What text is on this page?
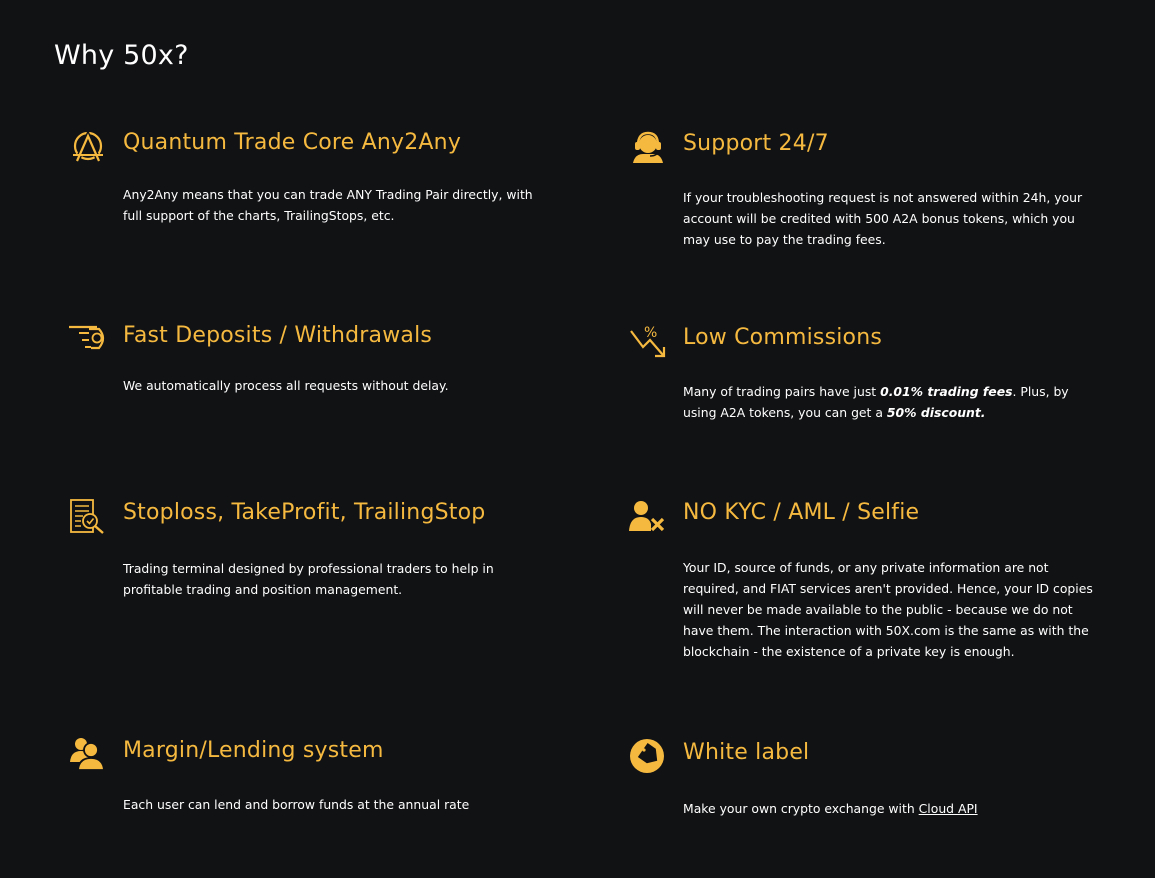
Why 50x?
Quantum Trade Core Any2Any

Any2Any means that you can trade ANY Trading Pair directly, with full support of the charts, TrailingStops, etc.

Support 24/7

If your troubleshooting request is not answered within 24h, your account will be credited with 500 A2A bonus tokens, which you may use to pay the trading fees.

Fast Deposits / Withdrawals

We automatically process all requests without delay.

% Low Commissions

Many of trading pairs have just 0.01% trading fees. Plus, by using A2A tokens, you can get a 50% discount.

Stoploss, TakeProfit, TrailingStop

Trading terminal designed by professional traders to help in profitable trading and position management.

NO KYC / AML / Selfie

Your ID, source of funds, or any private information are not required, and FIAT services aren't provided. Hence, your ID copies will never be made available to the public - because we do not have them. The interaction with 50X.com is the same as with the blockchain - the existence of a private key is enough.

Margin/Lending system

Each user can lend and borrow funds at the annual rate

White label

Make your own crypto exchange with Cloud API
